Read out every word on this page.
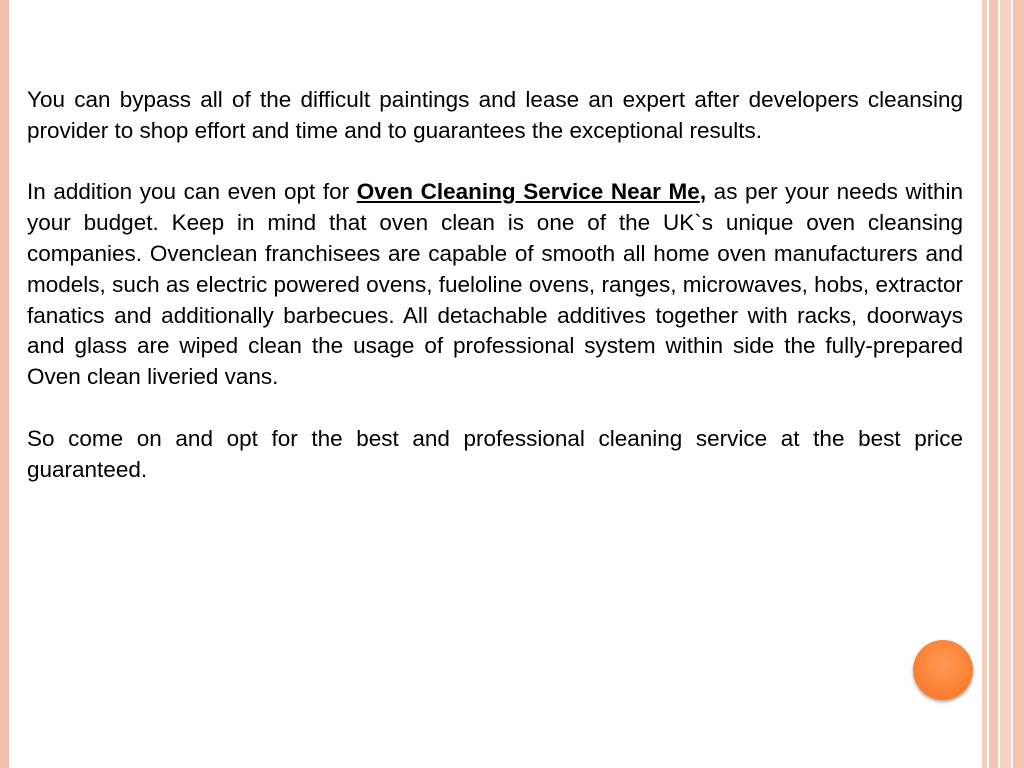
You can bypass all of the difficult paintings and lease an expert after developers cleansing provider to shop effort and time and to guarantees the exceptional results.

In addition you can even opt for Oven Cleaning Service Near Me, as per your needs within your budget. Keep in mind that oven clean is one of the UK`s unique oven cleansing companies. Ovenclean franchisees are capable of smooth all home oven manufacturers and models, such as electric powered ovens, fueloline ovens, ranges, microwaves, hobs, extractor fanatics and additionally barbecues. All detachable additives together with racks, doorways and glass are wiped clean the usage of professional system within side the fully-prepared Oven clean liveried vans.

So come on and opt for the best and professional cleaning service at the best price guaranteed.
